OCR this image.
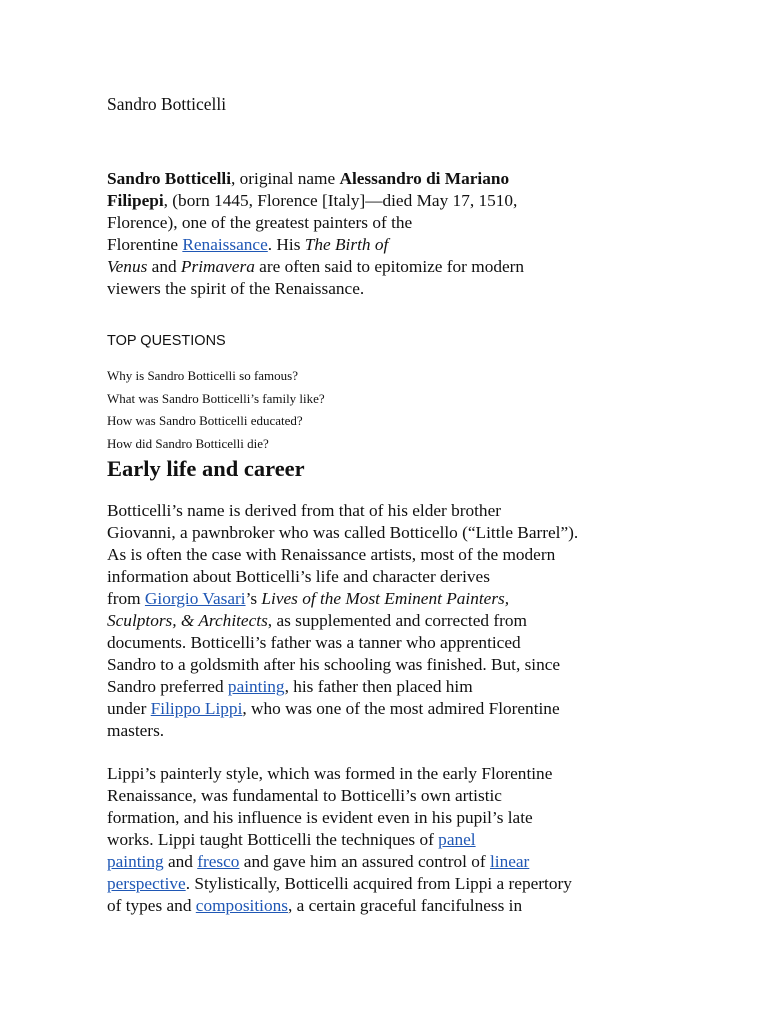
Sandro Botticelli
Sandro Botticelli, original name Alessandro di Mariano
Filipepi, (born 1445, Florence [Italy]—died May 17, 1510,
Florence), one of the greatest painters of the
Florentine Renaissance. His The Birth of
Venus and Primavera are often said to epitomize for modern
viewers the spirit of the Renaissance.
TOP QUESTIONS
Why is Sandro Botticelli so famous?
What was Sandro Botticelli’s family like?
How was Sandro Botticelli educated?
How did Sandro Botticelli die?
Early life and career
Botticelli’s name is derived from that of his elder brother
Giovanni, a pawnbroker who was called Botticello (“Little Barrel”).
As is often the case with Renaissance artists, most of the modern
information about Botticelli’s life and character derives
from Giorgio Vasari’s Lives of the Most Eminent Painters,
Sculptors, & Architects, as supplemented and corrected from
documents. Botticelli’s father was a tanner who apprenticed
Sandro to a goldsmith after his schooling was finished. But, since
Sandro preferred painting, his father then placed him
under Filippo Lippi, who was one of the most admired Florentine
masters.
Lippi’s painterly style, which was formed in the early Florentine
Renaissance, was fundamental to Botticelli’s own artistic
formation, and his influence is evident even in his pupil’s late
works. Lippi taught Botticelli the techniques of panel
painting and fresco and gave him an assured control of linear
perspective. Stylistically, Botticelli acquired from Lippi a repertory
of types and compositions, a certain graceful fancifulness in
